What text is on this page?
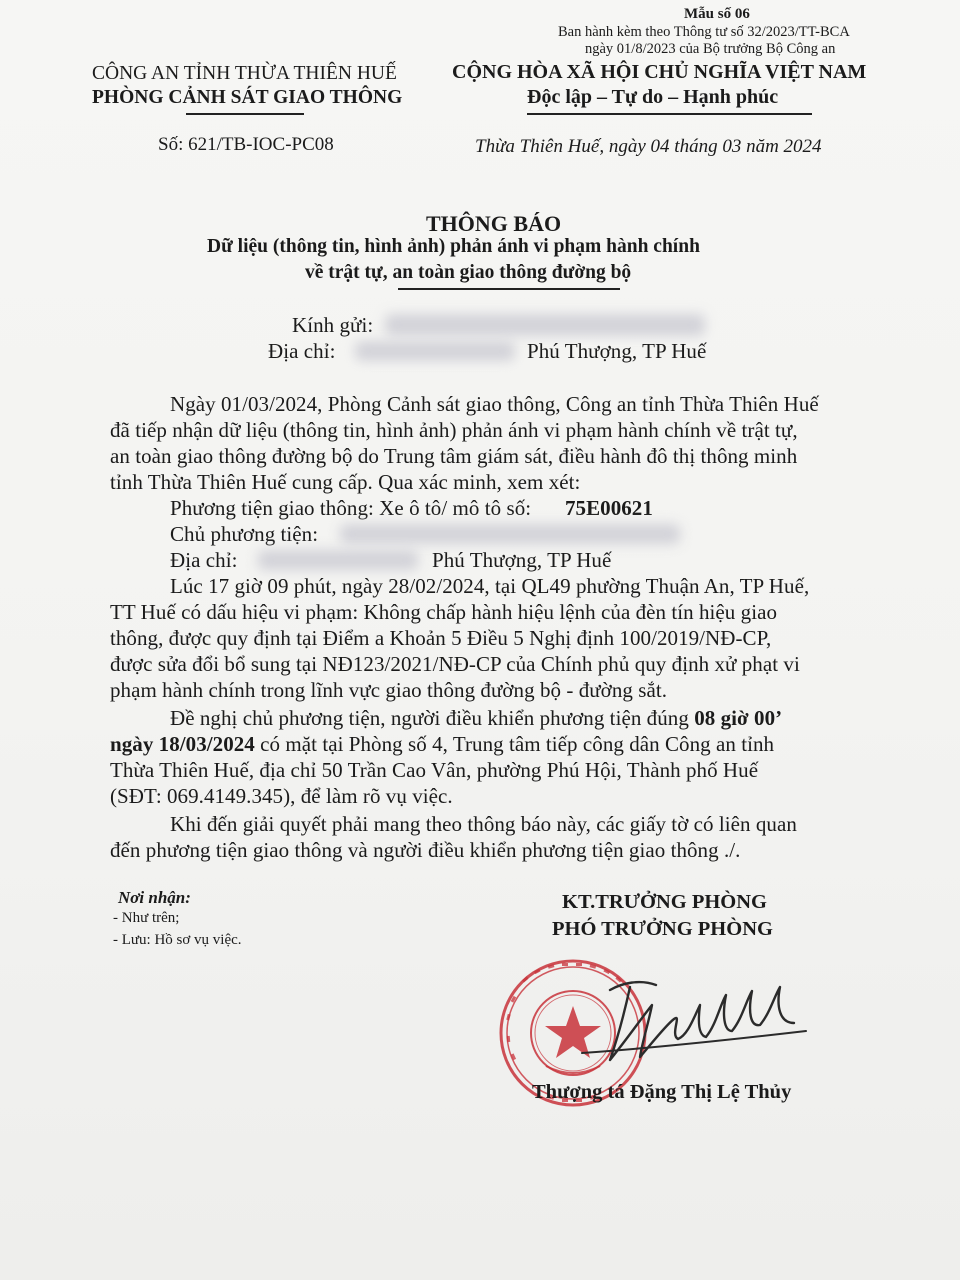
Mẫu số 06
Ban hành kèm theo Thông tư số 32/2023/TT-BCA
ngày 01/8/2023 của Bộ trưởng Bộ Công an
CÔNG AN TỈNH THỪA THIÊN HUẾ
PHÒNG CẢNH SÁT GIAO THÔNG
Số: 621/TB-IOC-PC08
CỘNG HÒA XÃ HỘI CHỦ NGHĨA VIỆT NAM
Độc lập – Tự do – Hạnh phúc
Thừa Thiên Huế, ngày 04 tháng 03 năm 2024
THÔNG BÁO
Dữ liệu (thông tin, hình ảnh) phản ánh vi phạm hành chính
về trật tự, an toàn giao thông đường bộ
Kính gửi:
Địa chỉ:	Phú Thượng, TP Huế
Ngày 01/03/2024, Phòng Cảnh sát giao thông, Công an tỉnh Thừa Thiên Huế
đã tiếp nhận dữ liệu (thông tin, hình ảnh) phản ánh vi phạm hành chính về trật tự,
an toàn giao thông đường bộ do Trung tâm giám sát, điều hành đô thị thông minh
tỉnh Thừa Thiên Huế cung cấp. Qua xác minh, xem xét:
Phương tiện giao thông: Xe ô tô/ mô tô số: 75E00621
Chủ phương tiện:
Địa chỉ:	Phú Thượng, TP Huế
Lúc 17 giờ 09 phút, ngày 28/02/2024, tại QL49 phường Thuận An, TP Huế,
TT Huế có dấu hiệu vi phạm: Không chấp hành hiệu lệnh của đèn tín hiệu giao
thông, được quy định tại Điểm a Khoản 5 Điều 5 Nghị định 100/2019/NĐ-CP,
được sửa đổi bổ sung tại NĐ123/2021/NĐ-CP của Chính phủ quy định xử phạt vi
phạm hành chính trong lĩnh vực giao thông đường bộ - đường sắt.
Đề nghị chủ phương tiện, người điều khiển phương tiện đúng 08 giờ 00’
ngày 18/03/2024 có mặt tại Phòng số 4, Trung tâm tiếp công dân Công an tỉnh
Thừa Thiên Huế, địa chỉ 50 Trần Cao Vân, phường Phú Hội, Thành phố Huế
(SĐT: 069.4149.345), để làm rõ vụ việc.
Khi đến giải quyết phải mang theo thông báo này, các giấy tờ có liên quan
đến phương tiện giao thông và người điều khiển phương tiện giao thông ./.
Nơi nhận:
- Như trên;
- Lưu: Hồ sơ vụ việc.
KT.TRƯỞNG PHÒNG
PHÓ TRƯỞNG PHÒNG
Thượng tá Đặng Thị Lệ Thủy
